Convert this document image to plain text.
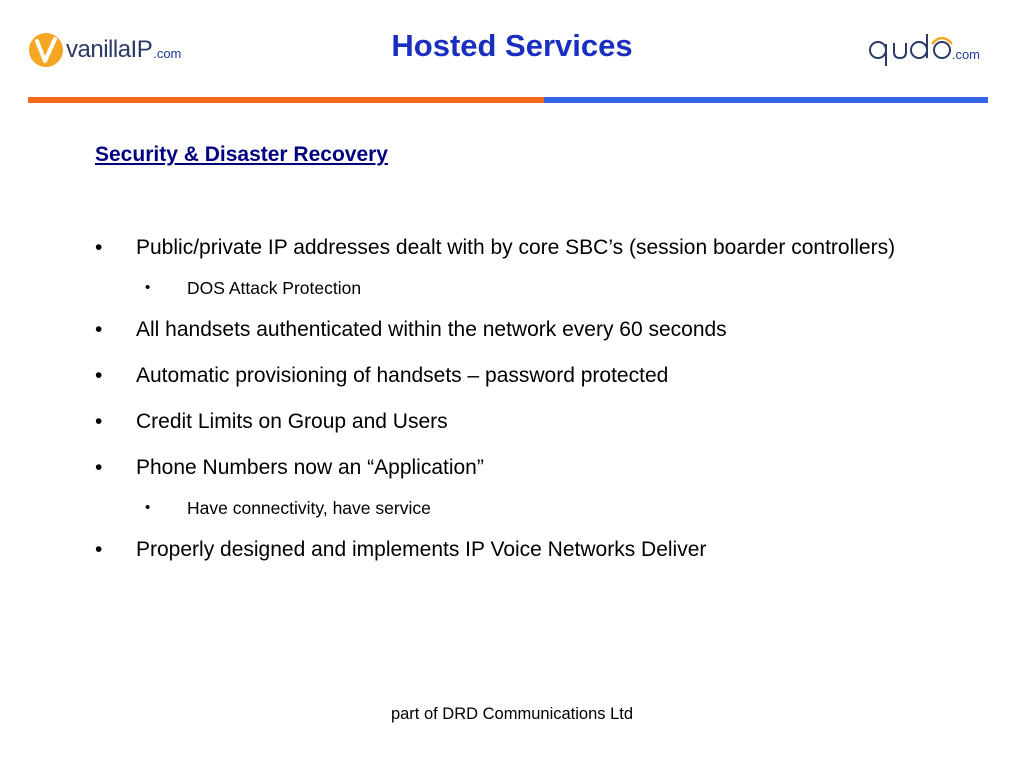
vanillaIP .com	Hosted Services	.com
Security & Disaster Recovery
• Public/private IP addresses dealt with by core SBC’s (session boarder controllers)
• DOS Attack Protection
• All handsets authenticated within the network every 60 seconds
• Automatic provisioning of handsets – password protected
• Credit Limits on Group and Users
• Phone Numbers now an “Application”
• Have connectivity, have service
• Properly designed and implements IP Voice Networks Deliver
part of DRD Communications Ltd
